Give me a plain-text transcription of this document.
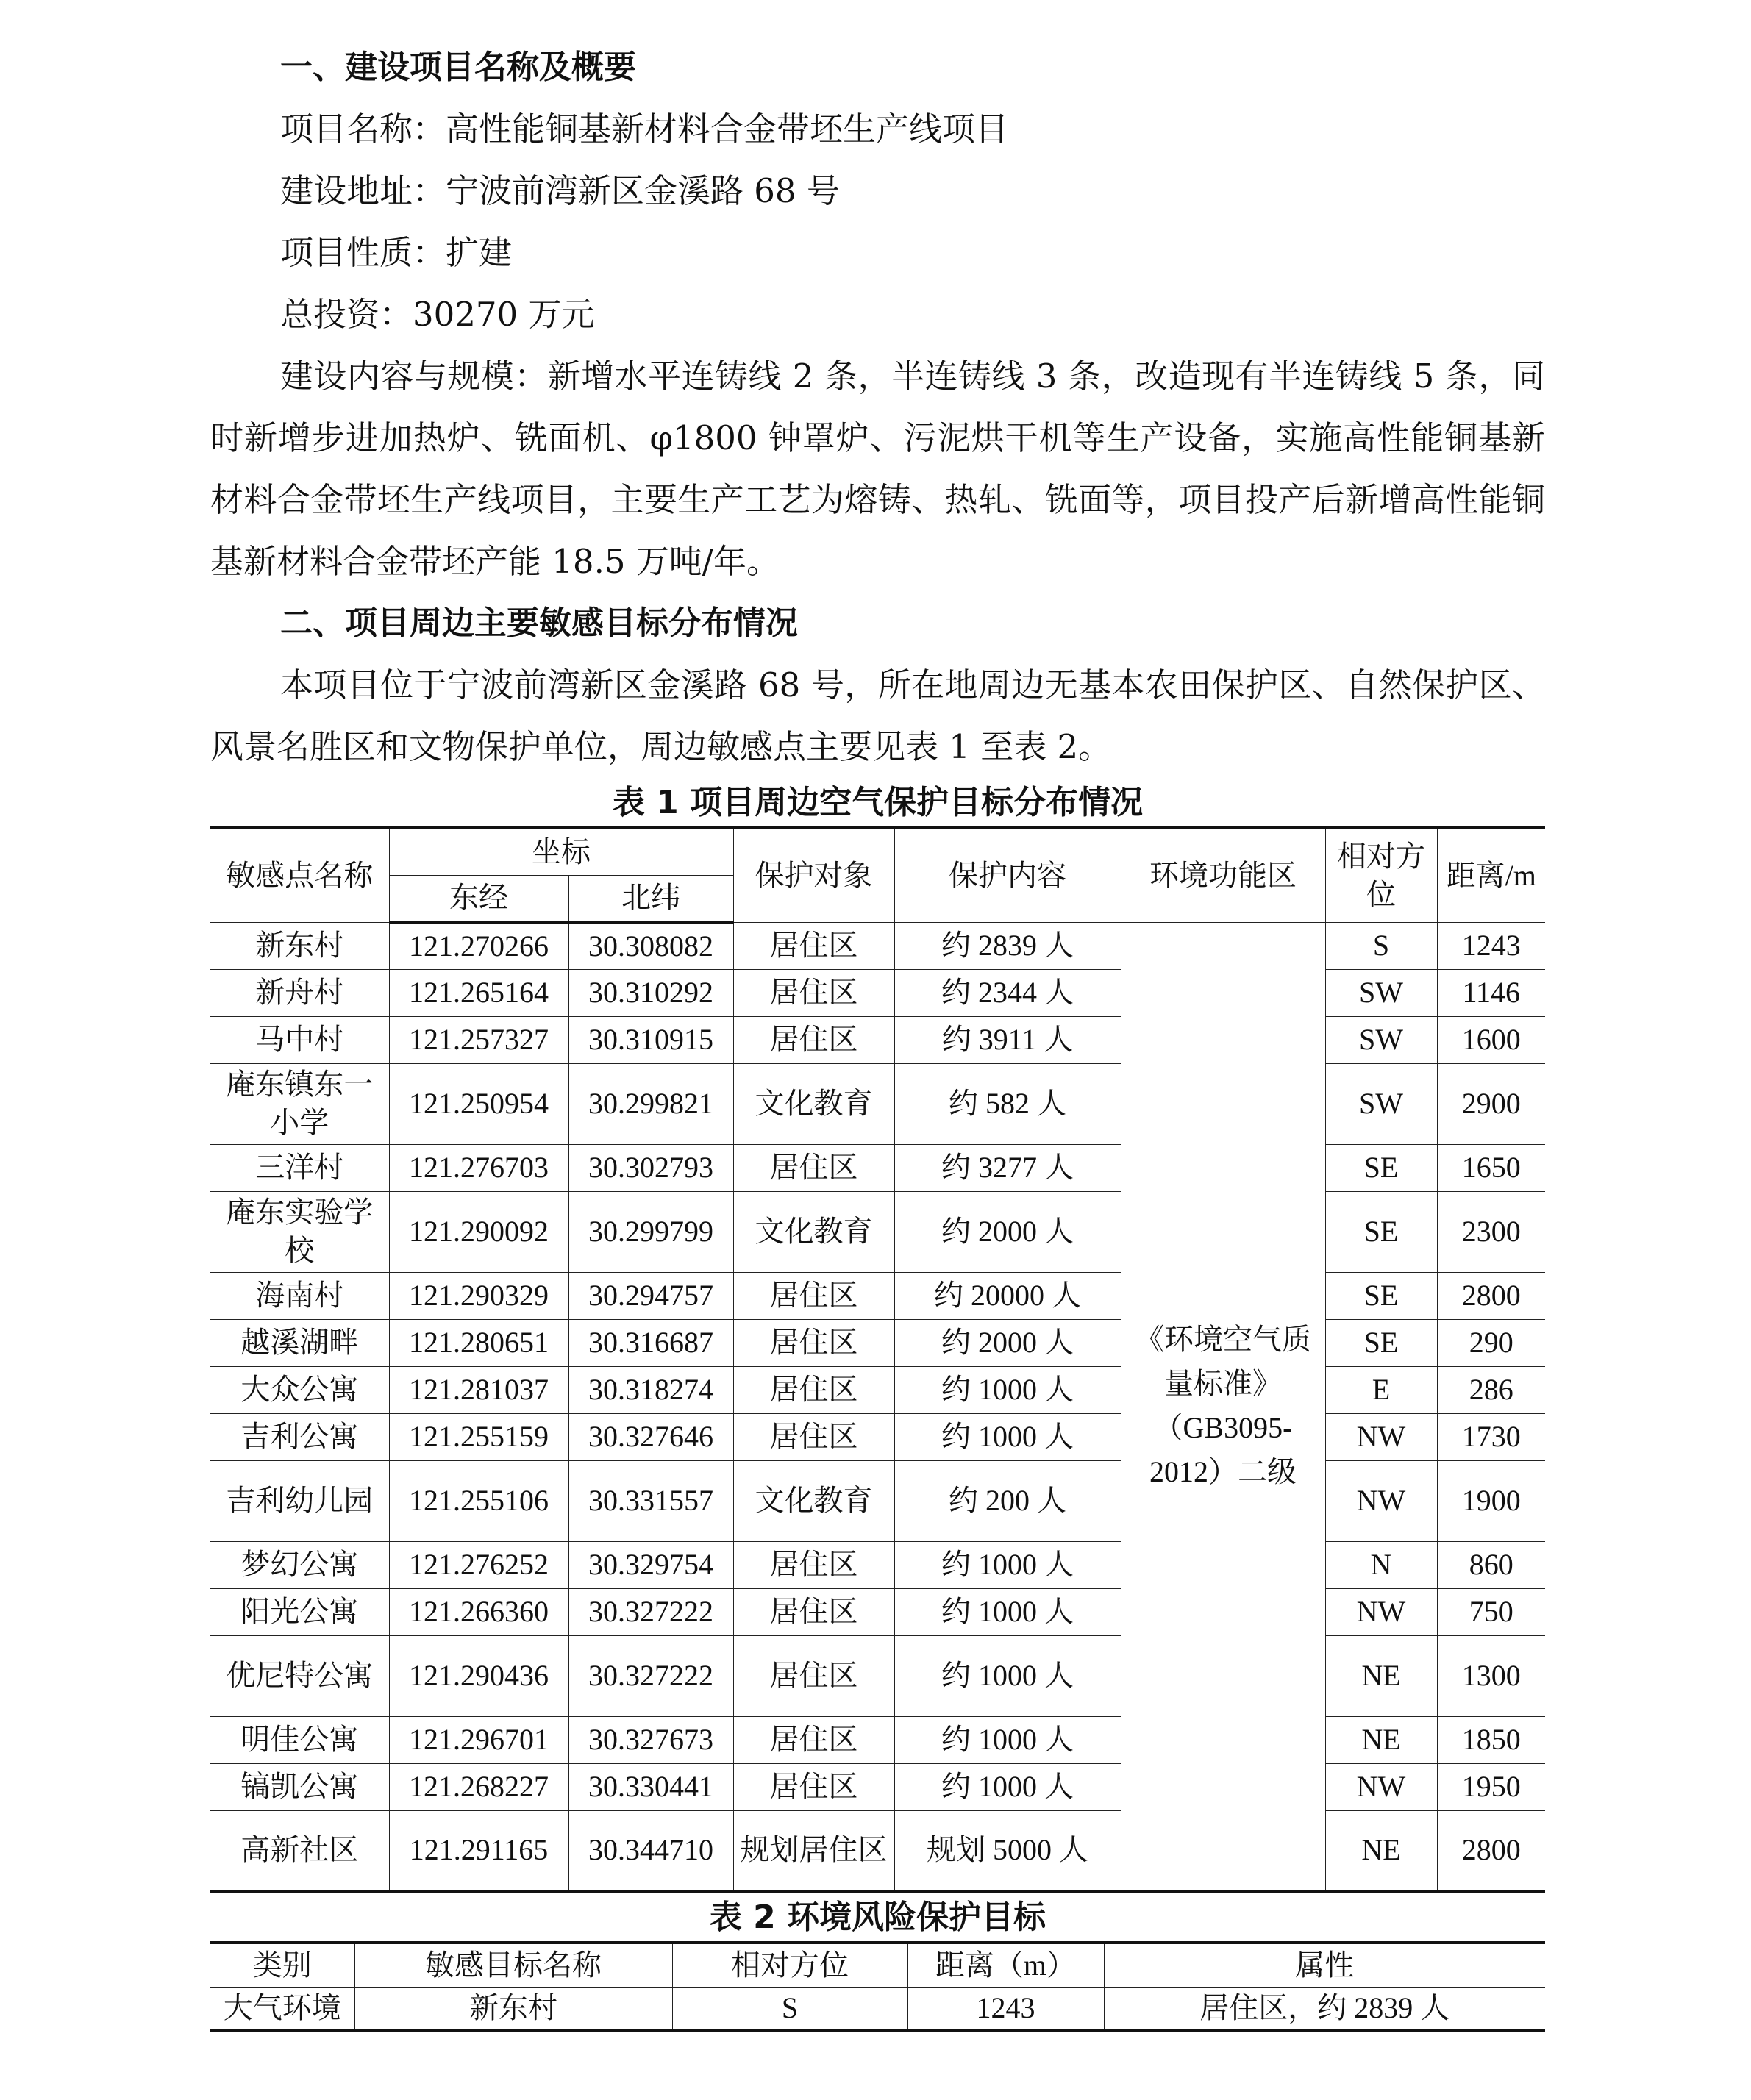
一、建设项目名称及概要

项目名称：高性能铜基新材料合金带坯生产线项目

建设地址：宁波前湾新区金溪路 68 号

项目性质：扩建

总投资：30270 万元

建设内容与规模：新增水平连铸线 2 条，半连铸线 3 条，改造现有半连铸线 5 条，同时新增步进加热炉、铣面机、φ1800 钟罩炉、污泥烘干机等生产设备，实施高性能铜基新材料合金带坯生产线项目，主要生产工艺为熔铸、热轧、铣面等，项目投产后新增高性能铜基新材料合金带坯产能 18.5 万吨/年。

二、项目周边主要敏感目标分布情况

本项目位于宁波前湾新区金溪路 68 号，所在地周边无基本农田保护区、自然保护区、风景名胜区和文物保护单位，周边敏感点主要见表 1 至表 2。

表 1 项目周边空气保护目标分布情况
敏感点名称	坐标		保护对象	保护内容	环境功能区	相对方位	距离/m
	东经	北纬					
新东村	121.270266	30.308082	居住区	约 2839 人	《环境空气质量标准》（GB3095-2012）二级	S	1243
新舟村	121.265164	30.310292	居住区	约 2344 人		SW	1146
马中村	121.257327	30.310915	居住区	约 3911 人		SW	1600
庵东镇东一小学	121.250954	30.299821	文化教育	约 582 人		SW	2900
三洋村	121.276703	30.302793	居住区	约 3277 人		SE	1650
庵东实验学校	121.290092	30.299799	文化教育	约 2000 人		SE	2300
海南村	121.290329	30.294757	居住区	约 20000 人		SE	2800
越溪湖畔	121.280651	30.316687	居住区	约 2000 人		SE	290
大众公寓	121.281037	30.318274	居住区	约 1000 人		E	286
吉利公寓	121.255159	30.327646	居住区	约 1000 人		NW	1730
吉利幼儿园	121.255106	30.331557	文化教育	约 200 人		NW	1900
梦幻公寓	121.276252	30.329754	居住区	约 1000 人		N	860
阳光公寓	121.266360	30.327222	居住区	约 1000 人		NW	750
优尼特公寓	121.290436	30.327222	居住区	约 1000 人		NE	1300
明佳公寓	121.296701	30.327673	居住区	约 1000 人		NE	1850
镐凯公寓	121.268227	30.330441	居住区	约 1000 人		NW	1950
高新社区	121.291165	30.344710	规划居住区	规划 5000 人		NE	2800
表 2 环境风险保护目标
类别	敏感目标名称	相对方位	距离（m）	属性
大气环境	新东村	S	1243	居住区，约 2839 人
